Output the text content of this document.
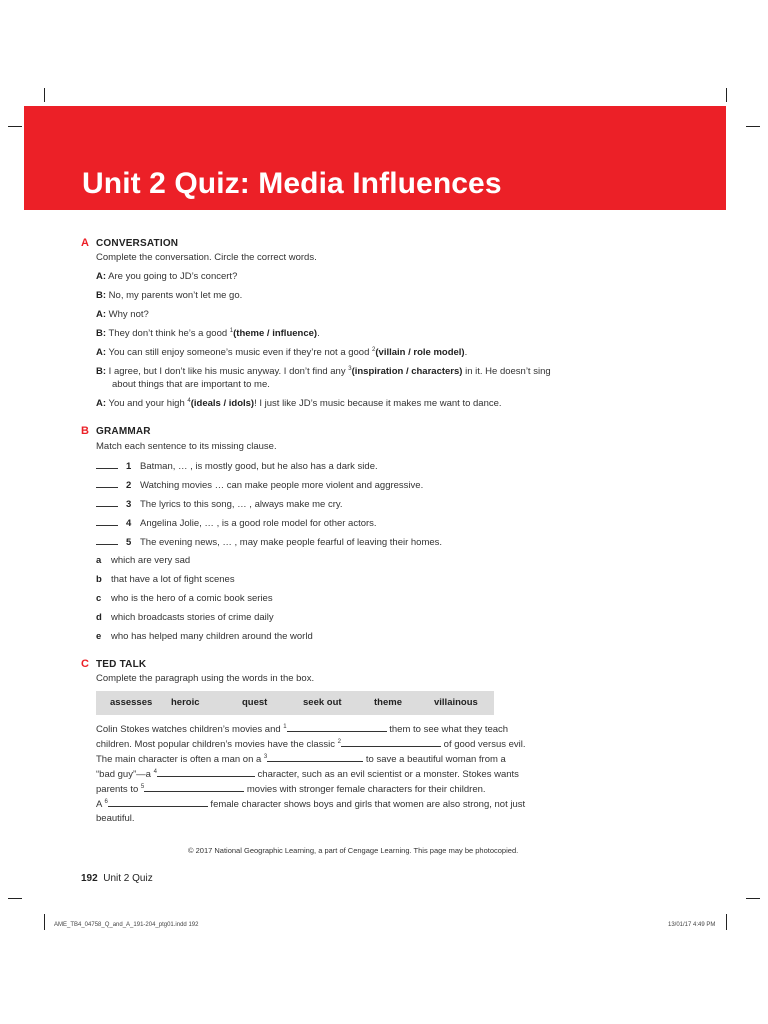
Unit 2 Quiz: Media Influences
A CONVERSATION
Complete the conversation. Circle the correct words.
A: Are you going to JD’s concert?
B: No, my parents won’t let me go.
A: Why not?
B: They don’t think he’s a good $^1$(theme / influence).
A: You can still enjoy someone’s music even if they’re not a good $^2$(villain / role model).
B: I agree, but I don’t like his music anyway. I don’t find any $^3$(inspiration / characters) in it. He doesn’t sing
about things that are important to me.
A: You and your high $^4$(ideals / idols)! I just like JD’s music because it makes me want to dance.
B GRAMMAR
Match each sentence to its missing clause.
1 Batman, … , is mostly good, but he also has a dark side.
2 Watching movies … can make people more violent and aggressive.
3 The lyrics to this song, … , always make me cry.
4 Angelina Jolie, … , is a good role model for other actors.
5 The evening news, … , may make people fearful of leaving their homes.
a which are very sad
b that have a lot of fight scenes
c who is the hero of a comic book series
d which broadcasts stories of crime daily
e who has helped many children around the world
C TED TALK
Complete the paragraph using the words in the box.
assesses heroic	quest	seek out	theme	villainous
Colin Stokes watches children’s movies and $^1$	them to see what they teach
children. Most popular children’s movies have the classic $^2$	of good versus evil.
The main character is often a man on a $^3$	to save a beautiful woman from a
“bad guy”—a $^4$	character, such as an evil scientist or a monster. Stokes wants
parents to $^5$	movies with stronger female characters for their children.
A $^6$	female character shows boys and girls that women are also strong, not just
beautiful.
© 2017 National Geographic Learning, a part of Cengage Learning. This page may be photocopied.
192 Unit 2 Quiz
AME_TB4_04758_Q_and_A_191-204_ptg01.indd 192	13/01/17 4:49 PM
